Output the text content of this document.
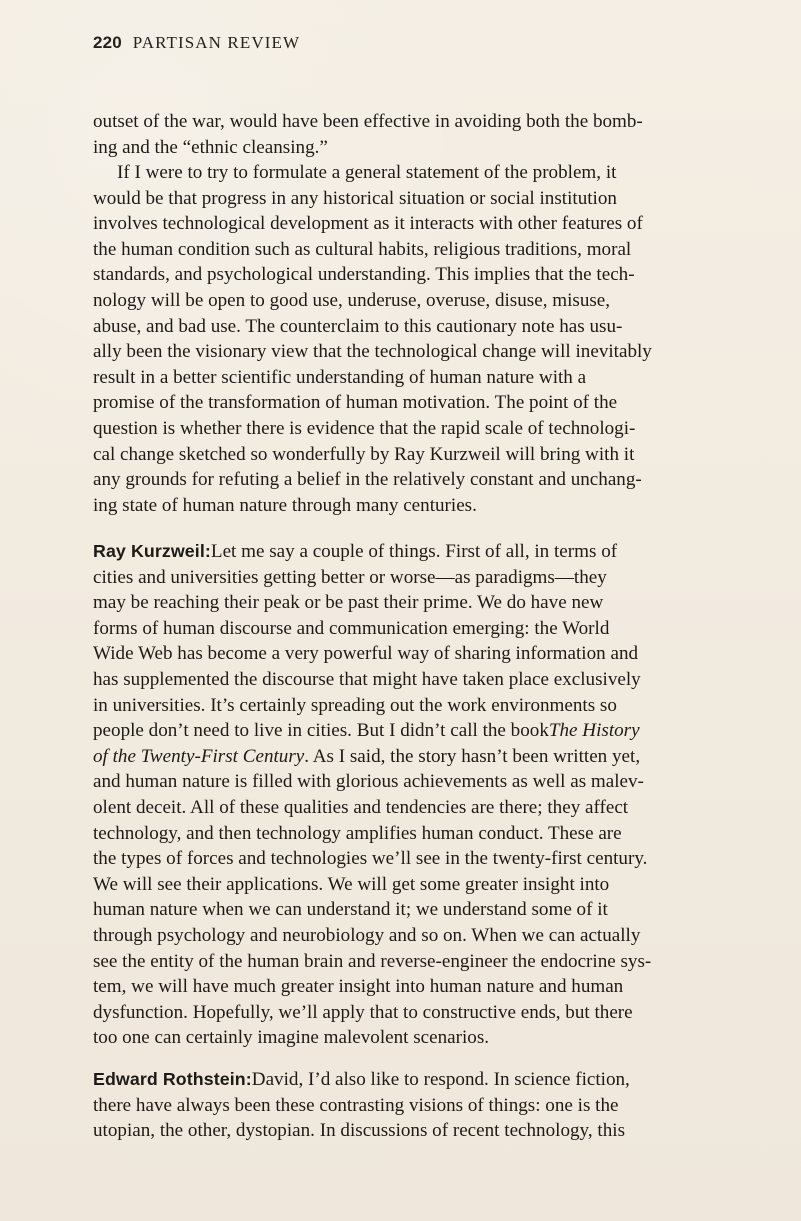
220 PARTISAN REVIEW
outset of the war, would have been effective in avoiding both the bomb-
ing and the “ethnic cleansing.”
If I were to try to formulate a general statement of the problem, it
would be that progress in any historical situation or social institution
involves technological development as it interacts with other features of
the human condition such as cultural habits, religious traditions, moral
standards, and psychological understanding. This implies that the tech-
nology will be open to good use, underuse, overuse, disuse, misuse,
abuse, and bad use. The counterclaim to this cautionary note has usu-
ally been the visionary view that the technological change will inevitably
result in a better scientific understanding of human nature with a
promise of the transformation of human motivation. The point of the
question is whether there is evidence that the rapid scale of technologi-
cal change sketched so wonderfully by Ray Kurzweil will bring with it
any grounds for refuting a belief in the relatively constant and unchang-
ing state of human nature through many centuries.
Ray Kurzweil: Let me say a couple of things. First of all, in terms of
cities and universities getting better or worse—as paradigms—they
may be reaching their peak or be past their prime. We do have new
forms of human discourse and communication emerging: the World
Wide Web has become a very powerful way of sharing information and
has supplemented the discourse that might have taken place exclusively
in universities. It’s certainly spreading out the work environments so
people don’t need to live in cities. But I didn’t call the book The History
of the Twenty-First Century . As I said, the story hasn’t been written yet,
and human nature is filled with glorious achievements as well as malev-
olent deceit. All of these qualities and tendencies are there; they affect
technology, and then technology amplifies human conduct. These are
the types of forces and technologies we’ll see in the twenty-first century.
We will see their applications. We will get some greater insight into
human nature when we can understand it; we understand some of it
through psychology and neurobiology and so on. When we can actually
see the entity of the human brain and reverse-engineer the endocrine sys-
tem, we will have much greater insight into human nature and human
dysfunction. Hopefully, we’ll apply that to constructive ends, but there
too one can certainly imagine malevolent scenarios.
Edward Rothstein: David, I’d also like to respond. In science fiction,
there have always been these contrasting visions of things: one is the
utopian, the other, dystopian. In discussions of recent technology, this
